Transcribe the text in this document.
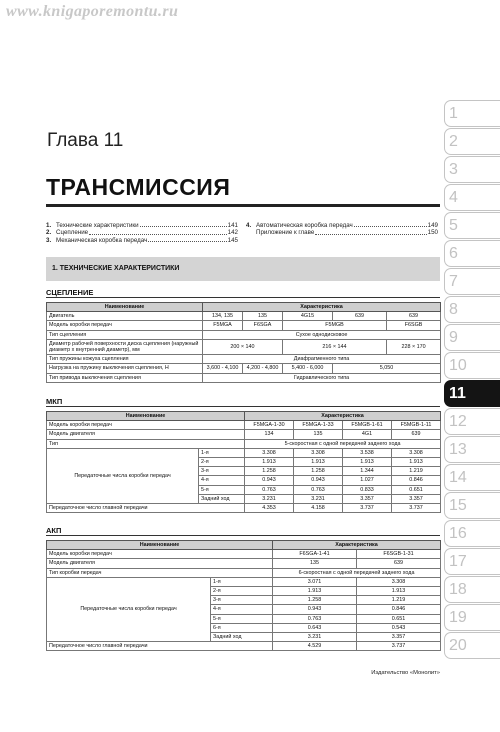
www.knigaporemontu.ru
Глава 11
ТРАНСМИССИЯ
1. Технические характеристики	141
2. Сцепление	142
3. Механическая коробка передач	145
4. Автоматическая коробка передач	149
Приложение к главе	150
1. ТЕХНИЧЕСКИЕ ХАРАКТЕРИСТИКИ
СЦЕПЛЕНИЕ
Наименование	Характеристика				
Двигатель	134, 135	135	4G15	639	639
Модель коробки передач	F5MGA	F6SGA	F5MGB		F6SGB
Тип сцепления	Сухое однодисковое				
Диаметр рабочей поверхности диска сцепления (наружный диаметр x внутренний диаметр), мм	200 × 140		216 × 144		228 × 170
Тип пружины кожуха сцепления	Диафрагменного типа				
Нагрузка на пружину выключения сцепления, Н	3,600 - 4,100	4,200 - 4,800	5,400 - 6,000	5,050	
Тип привода выключения сцепления	Гидравлического типа				
МКП
Наименование		Характеристика			
Модель коробки передач		F5MGA-1-30	F5MGA-1-33	F5MGB-1-61	F5MGB-1-11
Модель двигателя		134	135	4G1	639
Тип		5-скоростная с одной передачей заднего хода			
Передаточные числа коробки передач	1-я	3.308	3.308	3.538	3.308
	2-я	1.913	1.913	1.913	1.913
	3-я	1.258	1.258	1.344	1.219
	4-я	0.943	0.943	1.027	0.846
	5-я	0.763	0.763	0.833	0.651
	Задний ход	3.231	3.231	3.357	3.357
Передаточное число главной передачи		4.353	4.158	3.737	3.737
АКП
Наименование		Характеристика	
Модель коробки передач		F6SGA-1-41	F6SGB-1-31
Модель двигателя		135	639
Тип коробки передач		6-скоростная с одной передачей заднего хода	
Передаточные числа коробки передач	1-я	3.071	3.308
	2-я	1.913	1.913
	3-я	1.258	1.219
	4-я	0.943	0.846
	5-я	0.763	0.651
	6-я	0.643	0.543
	Задний ход	3.231	3.357
Передаточное число главной передачи		4.529	3.737
Издательство «Монолит»
1
2
3
4
5
6
7
8
9
10
11
12
13
14
15
16
17
18
19
20
